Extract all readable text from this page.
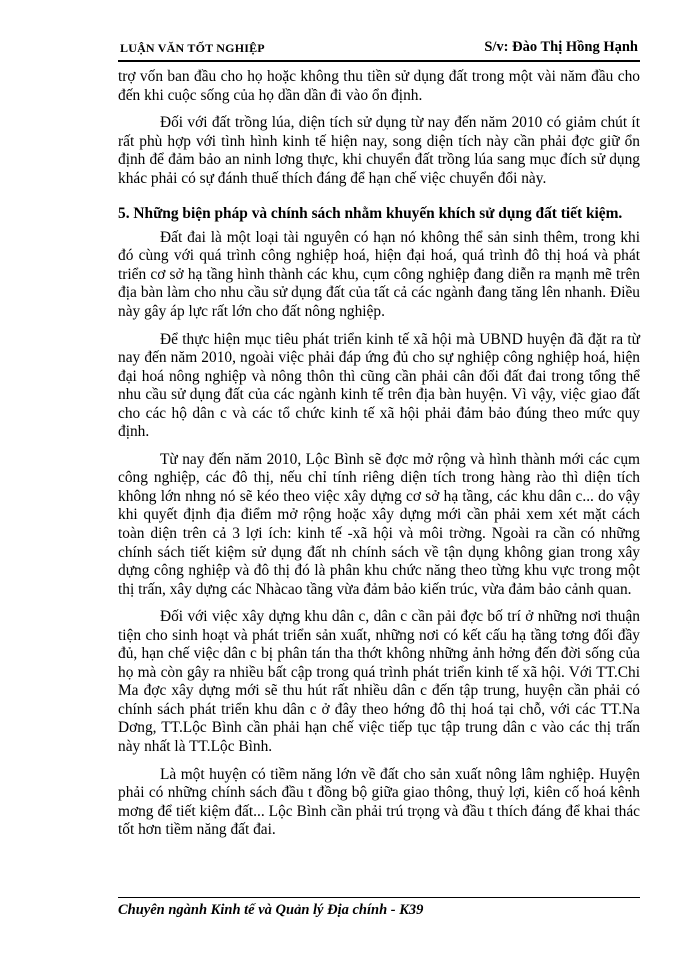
LUẬN VĂN TỐT NGHIỆP	S/v: Đào Thị Hồng Hạnh

trợ vốn ban đầu cho họ hoặc không thu tiền sử dụng đất trong một vài năm đầu cho đến khi cuộc sống của họ dần dần đi vào ổn định.

Đối với đất trồng lúa, diện tích sử dụng từ nay đến năm 2010 có giảm chút ít rất phù hợp với tình hình kinh tế hiện nay, song diện tích này cần phải đợc giữ ổn định để đảm bảo an ninh lơng thực, khi chuyển đất trồng lúa sang mục đích sử dụng khác phải có sự đánh thuế thích đáng để hạn chế việc chuyển đổi này.

5. Những biện pháp và chính sách nhằm khuyến khích sử dụng đất tiết kiệm.

Đất đai là một loại tài nguyên có hạn nó không thể sản sinh thêm, trong khi đó cùng với quá trình công nghiệp hoá, hiện đại hoá, quá trình đô thị hoá và phát triển cơ sở hạ tầng hình thành các khu, cụm công nghiệp đang diễn ra mạnh mẽ trên địa bàn làm cho nhu cầu sử dụng đất của tất cả các ngành đang tăng lên nhanh. Điều này gây áp lực rất lớn cho đất nông nghiệp.

Để thực hiện mục tiêu phát triển kinh tế xã hội mà UBND huyện đã đặt ra từ nay đến năm 2010, ngoài việc phải đáp ứng đủ cho sự nghiệp công nghiệp hoá, hiện đại hoá nông nghiệp và nông thôn thì cũng cần phải cân đối đất đai trong tổng thể nhu cầu sử dụng đất của các ngành kinh tế trên địa bàn huyện. Vì vậy, việc giao đất cho các hộ dân c và các tổ chức kinh tế xã hội phải đảm bảo đúng theo mức quy định.

Từ nay đến năm 2010, Lộc Bình sẽ đợc mở rộng và hình thành mới các cụm công nghiệp, các đô thị, nếu chỉ tính riêng diện tích trong hàng rào thì diện tích không lớn nhng nó sẽ kéo theo việc xây dựng cơ sở hạ tầng, các khu dân c... do vậy khi quyết định địa điểm mở rộng hoặc xây dựng mới cần phải xem xét mặt cách toàn diện trên cả 3 lợi ích: kinh tế -xã hội và môi trờng. Ngoài ra cần có những chính sách tiết kiệm sử dụng đất nh chính sách về tận dụng không gian trong xây dựng công nghiệp và đô thị đó là phân khu chức năng theo từng khu vực trong một thị trấn, xây dựng các Nhàcao tầng vừa đảm bảo kiến trúc, vừa đảm bảo cảnh quan.

Đối với việc xây dựng khu dân c, dân c cần pải đợc bố trí ở những nơi thuận tiện cho sinh hoạt và phát triển sản xuất, những nơi có kết cấu hạ tầng tơng đối đầy đủ, hạn chế việc dân c bị phân tán tha thớt không những ảnh hởng đến đời sống của họ mà còn gây ra nhiều bất cập trong quá trình phát triển kinh tế xã hội. Với TT.Chi Ma đợc xây dựng mới sẽ thu hút rất nhiều dân c đến tập trung, huyện cần phải có chính sách phát triển khu dân c ở đây theo hớng đô thị hoá tại chỗ, với các TT.Na Dơng, TT.Lộc Bình cần phải hạn chế việc tiếp tục tập trung dân c vào các thị trấn này nhất là TT.Lộc Bình.

Là một huyện có tiềm năng lớn về đất cho sản xuất nông lâm nghiệp. Huyện phải có những chính sách đầu t đồng bộ giữa giao thông, thuỷ lợi, kiên cố hoá kênh mơng để tiết kiệm đất... Lộc Bình cần phải trú trọng và đầu t thích đáng để khai thác tốt hơn tiềm năng đất đai.

Chuyên ngành Kinh tế và Quản lý Địa chính - K39
